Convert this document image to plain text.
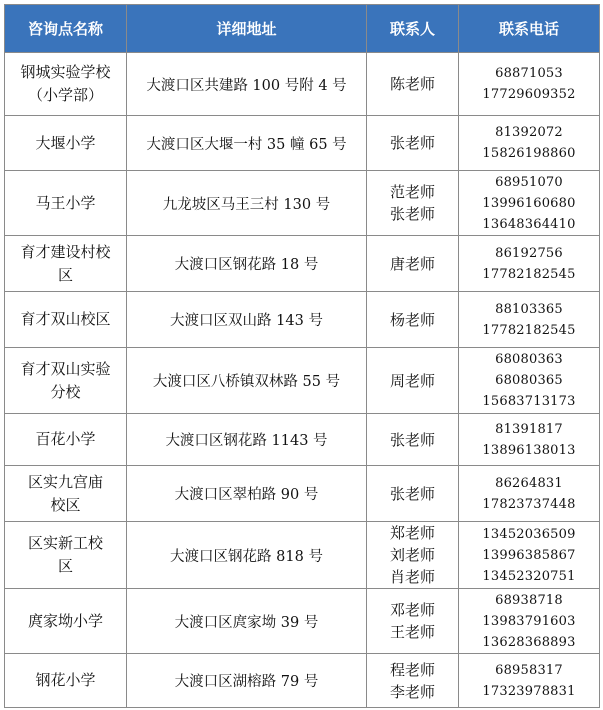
咨询点名称	详细地址	联系人	联系电话

钢城实验学校
（小学部）	大渡口区共建路 100 号附 4 号	陈老师	68871053
17729609352

大堰小学	大渡口区大堰一村 35 幢 65 号	张老师	81392072
15826198860

马王小学	九龙坡区马王三村 130 号	范老师
张老师	68951070
13996160680
13648364410

育才建设村校
区	大渡口区钢花路 18 号	唐老师	86192756
17782182545

育才双山校区	大渡口区双山路 143 号	杨老师	88103365
17782182545

育才双山实验
分校	大渡口区八桥镇双林路 55 号	周老师	68080363
68080365
15683713173

百花小学	大渡口区钢花路 1143 号	张老师	81391817
13896138013

区实九宫庙
校区	大渡口区翠柏路 90 号	张老师	86264831
17823737448

区实新工校
区	大渡口区钢花路 818 号	郑老师
刘老师
肖老师	13452036509
13996385867
13452320751

庹家坳小学	大渡口区庹家坳 39 号	邓老师
王老师	68938718
13983791603
13628368893

钢花小学	大渡口区湖榕路 79 号	程老师
李老师	68958317
17323978831
